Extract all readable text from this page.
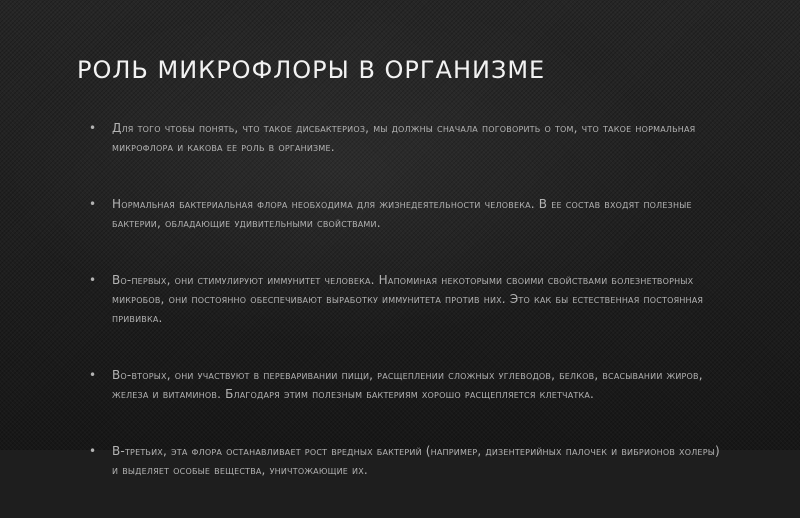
РОЛЬ МИКРОФЛОРЫ В ОРГАНИЗМЕ
• Для того чтобы понять, что такое дисбактериоз, мы должны сначала поговорить о том, что такое нормальная микрофлора и какова ее роль в организме.
• Нормальная бактериальная флора необходима для жизнедеятельности человека. В ее состав входят полезные бактерии, обладающие удивительными свойствами.
• Во-первых, они стимулируют иммунитет человека. Напоминая некоторыми своими свойствами болезнетворных микробов, они постоянно обеспечивают выработку иммунитета против них. Это как бы естественная постоянная прививка.
• Во-вторых, они участвуют в переваривании пищи, расщеплении сложных углеводов, белков, всасывании жиров, железа и витаминов. Благодаря этим полезным бактериям хорошо расщепляется клетчатка.
• В-третьих, эта флора останавливает рост вредных бактерий (например, дизентерийных палочек и вибрионов холеры) и выделяет особые вещества, уничтожающие их.
